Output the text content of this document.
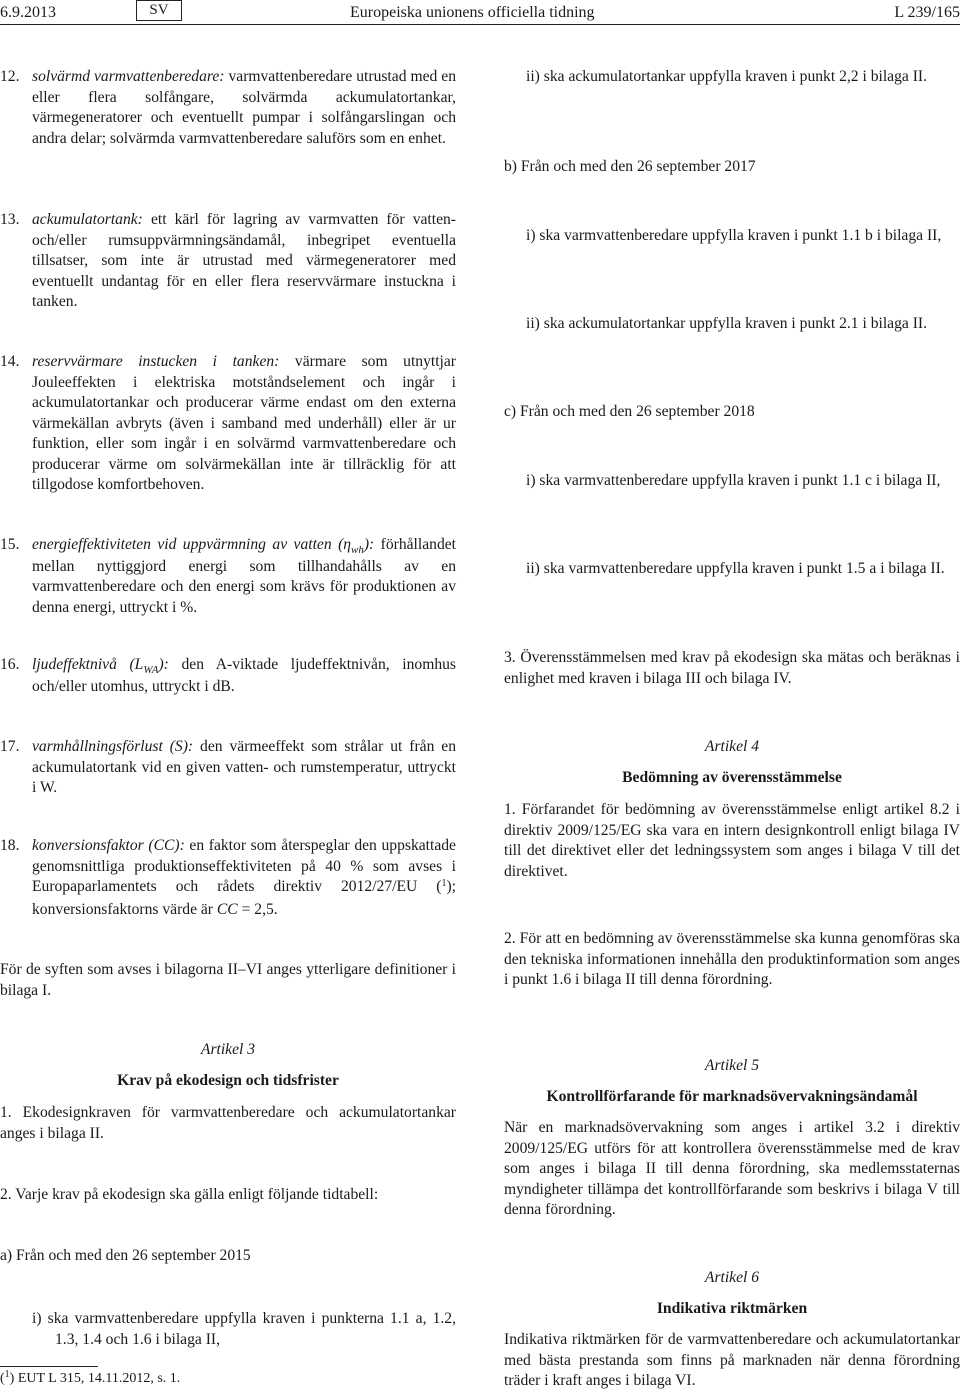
6.9.2013	SV	Europeiska unionens officiella tidning	L 239/165
12. solvärmd varmvattenberedare: varmvattenberedare utrustad med en eller flera solfångare, solvärmda ackumulatortankar, värmegeneratorer och eventuellt pumpar i solfångarslingan och andra delar; solvärmda varmvattenberedare saluförs som en enhet.
13. ackumulatortank: ett kärl för lagring av varmvatten för vatten- och/eller rumsuppvärmningsändamål, inbegripet eventuella tillsatser, som inte är utrustad med värmegeneratorer med eventuellt undantag för en eller flera reservvärmare instuckna i tanken.
14. reservvärmare instucken i tanken: värmare som utnyttjar Jouleeffekten i elektriska motståndselement och ingår i ackumulatortankar och producerar värme endast om den externa värmekällan avbryts (även i samband med underhåll) eller är ur funktion, eller som ingår i en solvärmd varmvattenberedare och producerar värme om solvärmekällan inte är tillräcklig för att tillgodose komfortbehoven.
15. energieffektiviteten vid uppvärmning av vatten $(\eta_{wh})$: förhållandet mellan nyttiggjord energi som tillhandahålls av en varmvattenberedare och den energi som krävs för produktionen av denna energi, uttryckt i %.
16. ljudeffektnivå $(L_{WA})$: den A-viktade ljudeffektnivån, inomhus och/eller utomhus, uttryckt i dB.
17. varmhållningsförlust (S): den värmeeffekt som strålar ut från en ackumulatortank vid en given vatten- och rumstemperatur, uttryckt i W.
18. konversionsfaktor (CC): en faktor som återspeglar den uppskattade genomsnittliga produktionseffektiviteten på 40 % som avses i Europaparlamentets och rådets direktiv 2012/27/EU ($^1$); konversionsfaktorns värde är CC = 2,5.
För de syften som avses i bilagorna II–VI anges ytterligare definitioner i bilaga I.
Artikel 3
Krav på ekodesign och tidsfrister
1. Ekodesignkraven för varmvattenberedare och ackumulatortankar anges i bilaga II.
2. Varje krav på ekodesign ska gälla enligt följande tidtabell:
a) Från och med den 26 september 2015
i) ska varmvattenberedare uppfylla kraven i punkterna 1.1 a, 1.2, 1.3, 1.4 och 1.6 i bilaga II,
($^1$) EUT L 315, 14.11.2012, s. 1.
ii) ska ackumulatortankar uppfylla kraven i punkt 2,2 i bilaga II.
b) Från och med den 26 september 2017
i) ska varmvattenberedare uppfylla kraven i punkt 1.1 b i bilaga II,
ii) ska ackumulatortankar uppfylla kraven i punkt 2.1 i bilaga II.
c) Från och med den 26 september 2018
i) ska varmvattenberedare uppfylla kraven i punkt 1.1 c i bilaga II,
ii) ska varmvattenberedare uppfylla kraven i punkt 1.5 a i bilaga II.
3. Överensstämmelsen med krav på ekodesign ska mätas och beräknas i enlighet med kraven i bilaga III och bilaga IV.
Artikel 4
Bedömning av överensstämmelse
1. Förfarandet för bedömning av överensstämmelse enligt artikel 8.2 i direktiv 2009/125/EG ska vara en intern designkontroll enligt bilaga IV till det direktivet eller det ledningssystem som anges i bilaga V till det direktivet.
2. För att en bedömning av överensstämmelse ska kunna genomföras ska den tekniska informationen innehålla den produktinformation som anges i punkt 1.6 i bilaga II till denna förordning.
Artikel 5
Kontrollförfarande för marknadsövervakningsändamål
När en marknadsövervakning som anges i artikel 3.2 i direktiv 2009/125/EG utförs för att kontrollera överensstämmelse med de krav som anges i bilaga II till denna förordning, ska medlemsstaternas myndigheter tillämpa det kontrollförfarande som beskrivs i bilaga V till denna förordning.
Artikel 6
Indikativa riktmärken
Indikativa riktmärken för de varmvattenberedare och ackumulatortankar med bästa prestanda som finns på marknaden när denna förordning träder i kraft anges i bilaga VI.
